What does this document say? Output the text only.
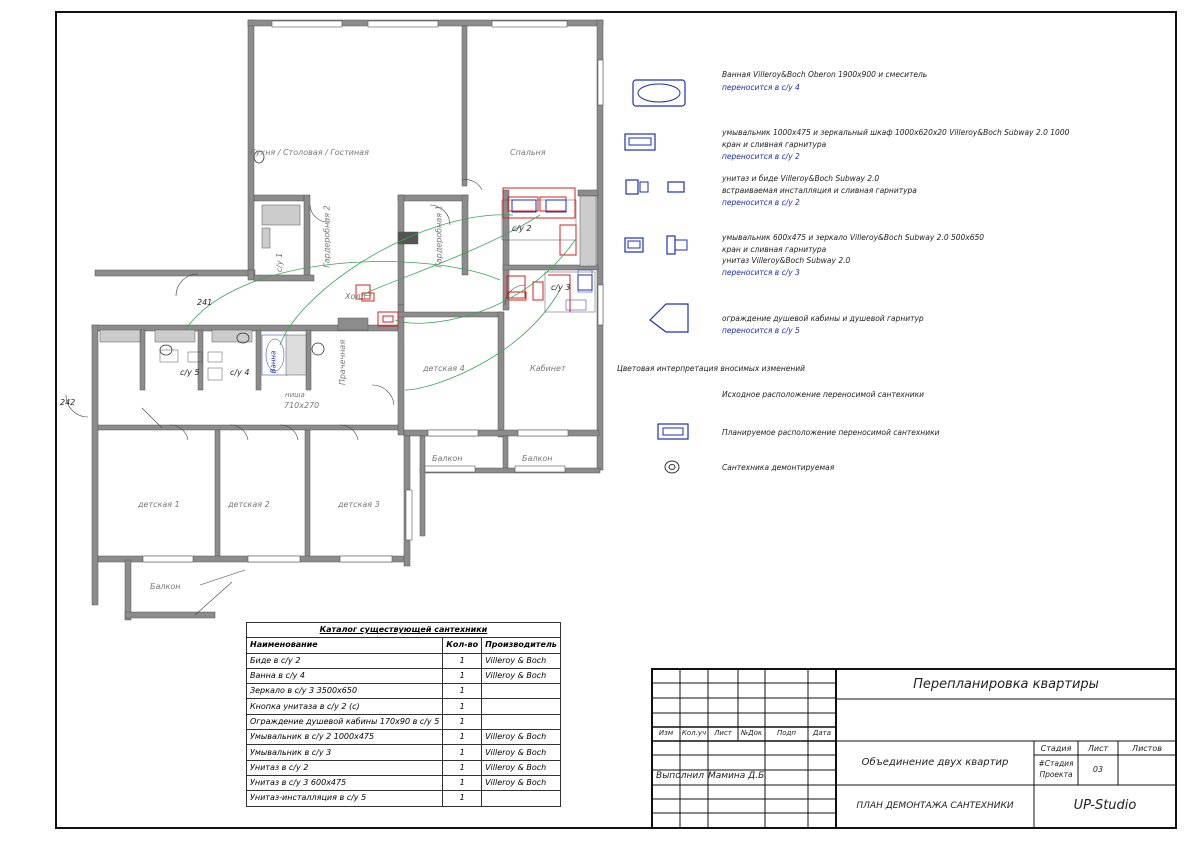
Кухня / Столовая / Гостиная	Спальня
Гардеробная 2	Гардеробная 1
с/у 1
с/у 2
с/у 3
с/у 4
с/у 5
Холл
Прачечная	детская 4	Кабинет
детская 1	детская 2	детская 3
Балкон
Балкон	Балкон
ниша
710х270
241
242
Ванна
Ванная Villeroy&Boch Oberon 1900х900 и смеситель
переносится в с/у 4
умывальник 1000х475 и зеркальный шкаф 1000х620х20 Villeroy&Boch Subway 2.0 1000
кран и сливная гарнитура
переносится в с/у 2
унитаз и биде Villeroy&Boch Subway 2.0
встраиваемая инсталляция и сливная гарнитура
переносится в с/у 2
умывальник 600х475 и зеркало Villeroy&Boch Subway 2.0 500х650
кран и сливная гарнитура
унитаз Villeroy&Boch Subway 2.0
переносится в с/у 3
ограждение душевой кабины и душевой гарнитур
переносится в с/у 5
Цветовая интерпретация вносимых изменений
Исходное расположение переносимой сантехники
Планируемое расположение переносимой сантехники
Сантехника демонтируемая
Каталог существующей сантехники		
Наименование	Кол-во	Производитель
Биде в с/у 2	1	Villeroy & Boch
Ванна в с/у 4	1	Villeroy & Boch
Зеркало в с/у 3 3500х650	1	
Кнопка унитаза в с/у 2 (с)	1	
Ограждение душевой кабины 170х90 в с/у 5	1	
Умывальник в с/у 2 1000х475	1	Villeroy & Boch
Умывальник в с/у 3	1	Villeroy & Boch
Унитаз в с/у 2	1	Villeroy & Boch
Унитаз в с/у 3 600х475	1	Villeroy & Boch
Унитаз-инсталляция в с/у 5	1	
Перепланировка квартиры
Изм	Кол.уч	Лист	№Док	Подп	Дата
Выполнил Мамина Д.Б.
Объединение двух квартир
Стадия	Лист	Листов
#Стадия Проекта
03
ПЛАН ДЕМОНТАЖА САНТЕХНИКИ	UP-Studio
